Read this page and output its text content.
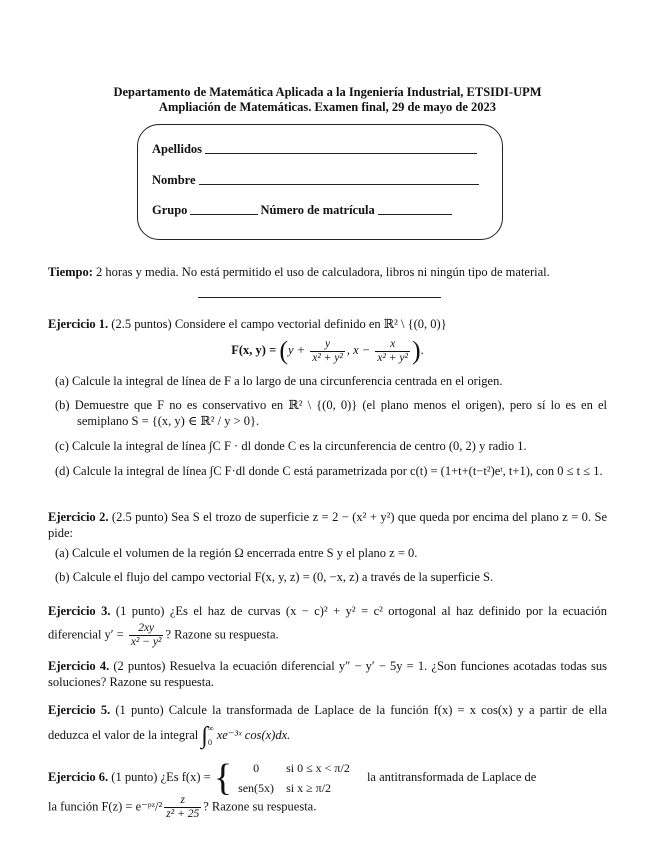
Departamento de Matemática Aplicada a la Ingeniería Industrial, ETSIDI-UPM
Ampliación de Matemáticas. Examen final, 29 de mayo de 2023
Apellidos
Nombre
Grupo	Número de matrícula
Tiempo: 2 horas y media. No está permitido el uso de calculadora, libros ni ningún tipo de material.
Ejercicio 1. (2.5 puntos) Considere el campo vectorial definido en ℝ² \ {(0, 0)}
F(x, $y) = (y + \frac{y}{\text{x² + y²}}$ , $x - \frac{x}{\text{x² + y²}}$ ).
(a) Calcule la integral de línea de F a lo largo de una circunferencia centrada en el origen.
(b) Demuestre que F no es conservativo en ℝ² \ {(0, 0)} (el plano menos el origen), pero sí lo es en el semiplano S = {(x, y) ∈ ℝ² / y > 0}.
(c) Calcule la integral de línea ∫C F · dl donde C es la circunferencia de centro (0, 2) y radio 1.
(d) Calcule la integral de línea ∫C F·dl donde C está parametrizada por c(t) = (1+t+(t−t²)eᵗ, t+1), con 0 ≤ t ≤ 1.
Ejercicio 2. (2.5 punto) Sea S el trozo de superficie z = 2 − (x² + y²) que queda por encima del plano z = 0. Se pide:
(a) Calcule el volumen de la región Ω encerrada entre S y el plano z = 0.
(b) Calcule el flujo del campo vectorial F(x, y, z) = (0, −x, z) a través de la superficie S.
Ejercicio 3. (1 punto) ¿Es el haz de curvas (x − c)² + y² = c² ortogonal al haz definido por la ecuación diferencial $y' = \frac{2xy}{\text{x² − y²}}$ ? Razone su respuesta.
Ejercicio 4. (2 puntos) Resuelva la ecuación diferencial y″ − y′ − 5y = 1. ¿Son funciones acotadas todas sus soluciones? Razone su respuesta.
Ejercicio 5. (1 punto) Calcule la transformada de Laplace de la función f(x) = x cos(x) y a partir de ella deduzca el valor de la integral ∫ ∞
0
xe⁻³ˣ cos(x)dx.
Ejercicio 6. (1 punto) ¿Es f(x) = { 0	si 0 ≤ x < π/2
sen(5x)	si x ≥ π/2
la antitransformada de Laplace de
la función F(z) = e⁻ᵖᶻ/² $\frac{z}{\text{z² + 25}}$ ? Razone su respuesta.
